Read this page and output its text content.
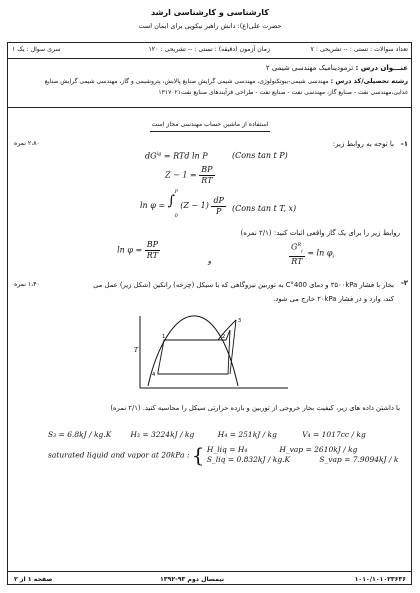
کارشناسی و کارشناسی ارشد
حضرت علی(ع): دانش راهبر نیکویی برای ایمان است
تعداد سوالات : تستی : -- تشریحی : ۷
زمان آزمون (دقیقه) : تستی : -- تشریحی : ۱۲۰
سری سوال : یک ۱
عنـــوان درس : ترمودینامیک مهندسی شیمی ۲
رشته تحصیلی/کد درس : مهندسی شیمی-بیوتکنولوژی، مهندسی شیمی گرایش صنایع پالایش، پتروشیمی و گاز، مهندسی شیمی گرایش صنایع
غذایی،مهندسی نفت - صنایع گاز، مهندسی نفت - صنایع نفت - طراحی فرآیندهای صنایع نفت۱۳۱۷۰۲۱
استفاده از ماشین حساب مهندسی مجاز است
۱-
با توجه به روابط زیر:
۲،۸۰ نمره
$dG^{ig}$ = RTd ln P	(Cons tan t P)
$Z - 1 = \frac{BP}{RT}$
ln φ = ∫
P
0
$(Z - 1) \frac{dP}{P}$ (Cons tan t T, x)
روابط زیر را برای یک گاز واقعی اثبات کنید: (۲/۱ نمره)
$\ln \varphi = \frac{BP}{RT}$	و	$\frac{G^R_i}{RT} = \ln \varphi_i$
۲-
۱،۴۰ نمره	بخار با فشار ۳۵۰۰kPa و دمای 400°C به توربین نیروگاهی که با سیکل (چرخه) رانکین (شکل زیر) عمل می
کند، وارد و در فشار ۲۰kPa خارج می شود.
T
1	2
3
4
با داشتن داده های زیر، کیفیت بخار خروجی از توربین و بازده حرارتی سیکل را محاسبه کنید. (۲/۱ نمره)
S₃ = 6.8kJ / kg.K	H₃ = 3224kJ / kg	H₄ = 251kJ / kg	V₄ = 1017cc / kg
saturated liquid and vapor at 20kPa : { H_liq = H₄	H_vap = 2610kJ / kg
S_liq = 0.832kJ / kg.K	S_vap = 7.9094kJ / k
صفحه ۱ از ۲	نیمسال دوم ۹۳-۱۳۹۲	۱۰۱۰/۱۰۱۰۲۳۶۳۶
